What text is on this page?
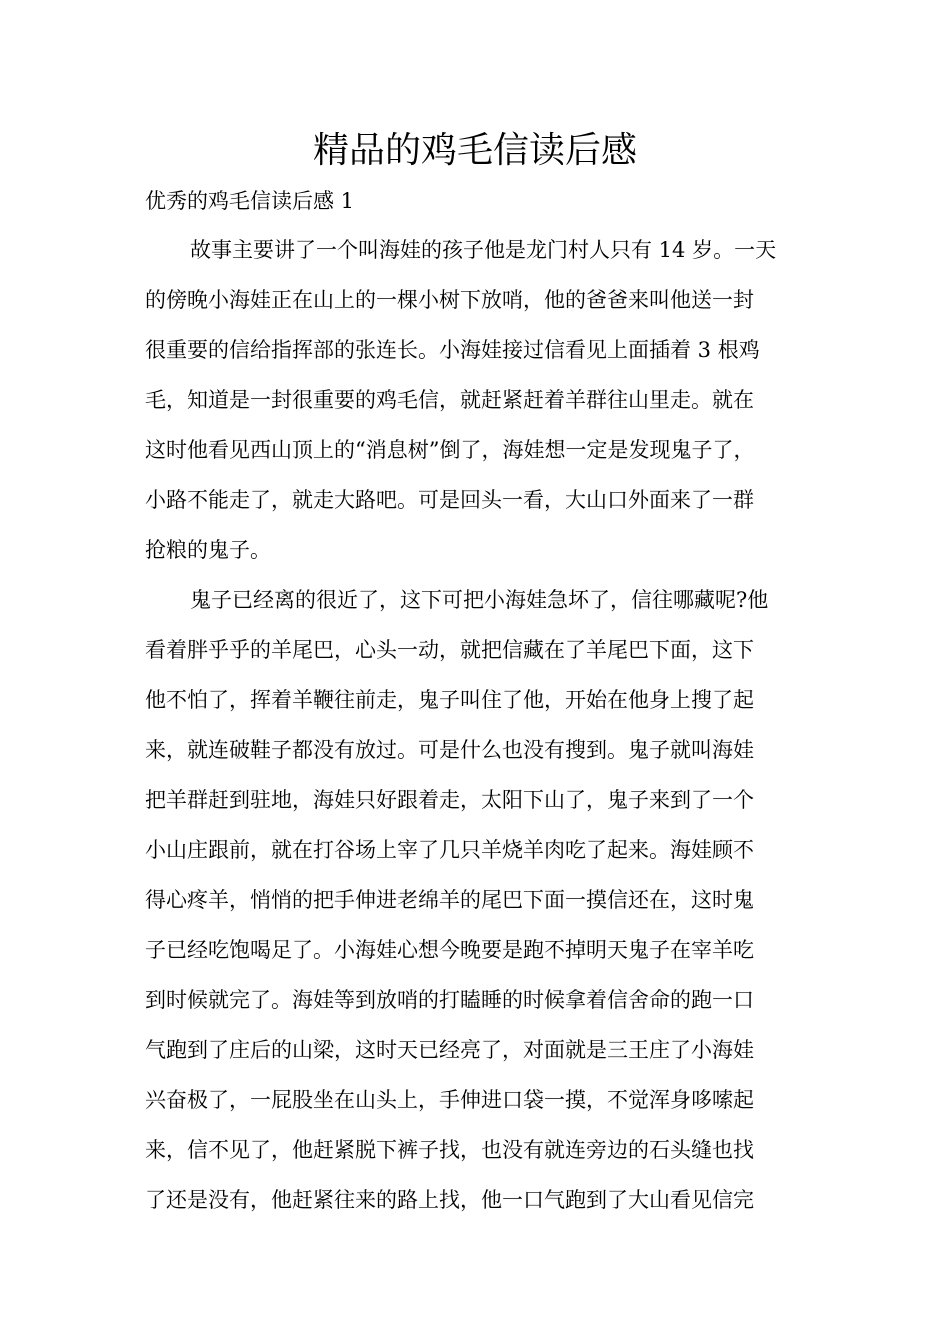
精品的鸡毛信读后感
优秀的鸡毛信读后感 1
故事主要讲了一个叫海娃的孩子他是龙门村人只有 14 岁。一天
的傍晚小海娃正在山上的一棵小树下放哨，他的爸爸来叫他送一封
很重要的信给指挥部的张连长。小海娃接过信看见上面插着 3 根鸡
毛，知道是一封很重要的鸡毛信，就赶紧赶着羊群往山里走。就在
这时他看见西山顶上的“消息树”倒了，海娃想一定是发现鬼子了，
小路不能走了，就走大路吧。可是回头一看，大山口外面来了一群
抢粮的鬼子。
鬼子已经离的很近了，这下可把小海娃急坏了，信往哪藏呢?他
看着胖乎乎的羊尾巴，心头一动，就把信藏在了羊尾巴下面，这下
他不怕了，挥着羊鞭往前走，鬼子叫住了他，开始在他身上搜了起
来，就连破鞋子都没有放过。可是什么也没有搜到。鬼子就叫海娃
把羊群赶到驻地，海娃只好跟着走，太阳下山了，鬼子来到了一个
小山庄跟前，就在打谷场上宰了几只羊烧羊肉吃了起来。海娃顾不
得心疼羊，悄悄的把手伸进老绵羊的尾巴下面一摸信还在，这时鬼
子已经吃饱喝足了。小海娃心想今晚要是跑不掉明天鬼子在宰羊吃
到时候就完了。海娃等到放哨的打瞌睡的时候拿着信舍命的跑一口
气跑到了庄后的山梁，这时天已经亮了，对面就是三王庄了小海娃
兴奋极了，一屁股坐在山头上，手伸进口袋一摸，不觉浑身哆嗦起
来，信不见了，他赶紧脱下裤子找，也没有就连旁边的石头缝也找
了还是没有，他赶紧往来的路上找，他一口气跑到了大山看见信完
